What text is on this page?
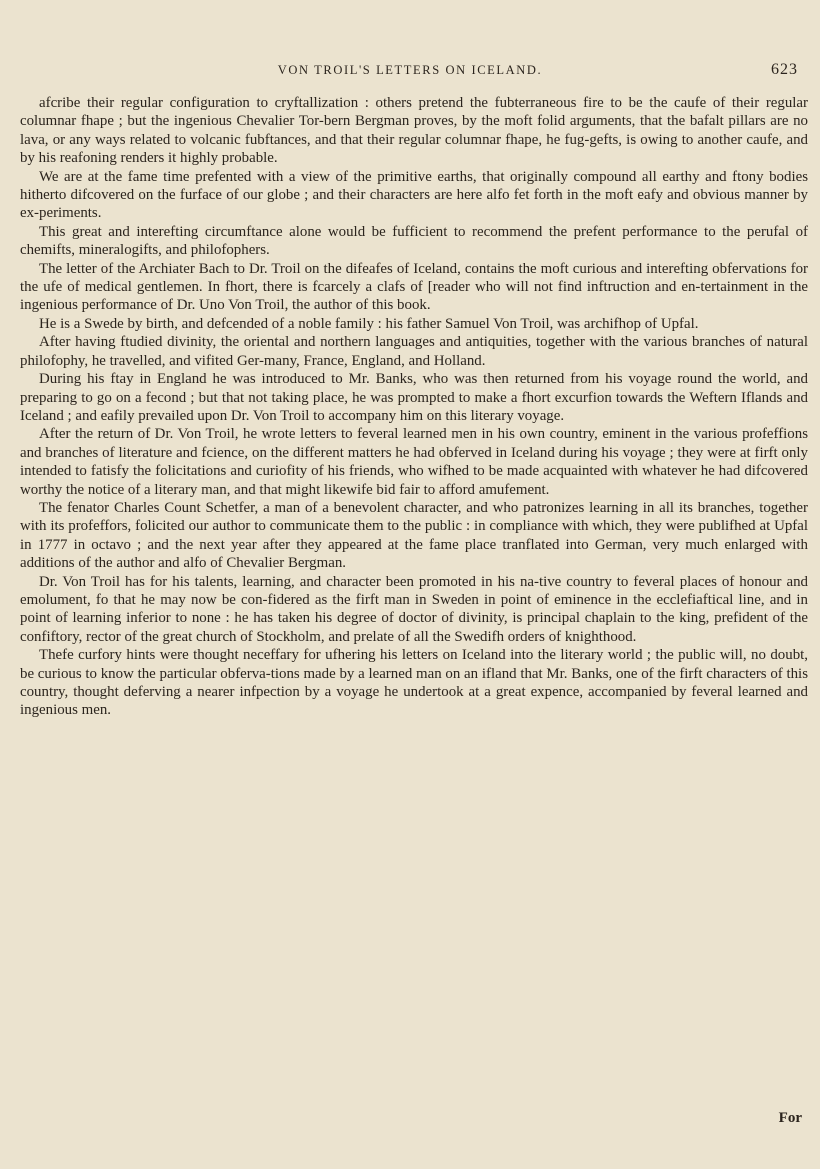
VON TROIL'S LETTERS ON ICELAND.	623

afcribe their regular configuration to cryftallization : others pretend the fubterraneous fire to be the caufe of their regular columnar fhape ; but the ingenious Chevalier Tor-bern Bergman proves, by the moft folid arguments, that the bafalt pillars are no lava, or any ways related to volcanic fubftances, and that their regular columnar fhape, he fug-gefts, is owing to another caufe, and by his reafoning renders it highly probable.

We are at the fame time prefented with a view of the primitive earths, that originally compound all earthy and ftony bodies hitherto difcovered on the furface of our globe ; and their characters are here alfo fet forth in the moft eafy and obvious manner by ex-periments.

This great and interefting circumftance alone would be fufficient to recommend the prefent performance to the perufal of chemifts, mineralogifts, and philofophers.

The letter of the Archiater Bach to Dr. Troil on the difeafes of Iceland, contains the moft curious and interefting obfervations for the ufe of medical gentlemen. In fhort, there is fcarcely a clafs of [reader who will not find inftruction and en-tertainment in the ingenious performance of Dr. Uno Von Troil, the author of this book.

He is a Swede by birth, and defcended of a noble family : his father Samuel Von Troil, was archifhop of Upfal.

After having ftudied divinity, the oriental and northern languages and antiquities, together with the various branches of natural philofophy, he travelled, and vifited Ger-many, France, England, and Holland.

During his ftay in England he was introduced to Mr. Banks, who was then returned from his voyage round the world, and preparing to go on a fecond ; but that not taking place, he was prompted to make a fhort excurfion towards the Weftern Iflands and Iceland ; and eafily prevailed upon Dr. Von Troil to accompany him on this literary voyage.

After the return of Dr. Von Troil, he wrote letters to feveral learned men in his own country, eminent in the various profeffions and branches of literature and fcience, on the different matters he had obferved in Iceland during his voyage ; they were at firft only intended to fatisfy the folicitations and curiofity of his friends, who wifhed to be made acquainted with whatever he had difcovered worthy the notice of a literary man, and that might likewife bid fair to afford amufement.

The fenator Charles Count Schetfer, a man of a benevolent character, and who patronizes learning in all its branches, together with its profeffors, folicited our author to communicate them to the public : in compliance with which, they were publifhed at Upfal in 1777 in octavo ; and the next year after they appeared at the fame place tranflated into German, very much enlarged with additions of the author and alfo of Chevalier Bergman.

Dr. Von Troil has for his talents, learning, and character been promoted in his na-tive country to feveral places of honour and emolument, fo that he may now be con-fidered as the firft man in Sweden in point of eminence in the ecclefiaftical line, and in point of learning inferior to none : he has taken his degree of doctor of divinity, is principal chaplain to the king, prefident of the confiftory, rector of the great church of Stockholm, and prelate of all the Swedifh orders of knighthood.

Thefe curfory hints were thought neceffary for ufhering his letters on Iceland into the literary world ; the public will, no doubt, be curious to know the particular obferva-tions made by a learned man on an ifland that Mr. Banks, one of the firft characters of this country, thought deferving a nearer infpection by a voyage he undertook at a great expence, accompanied by feveral learned and ingenious men.

For
